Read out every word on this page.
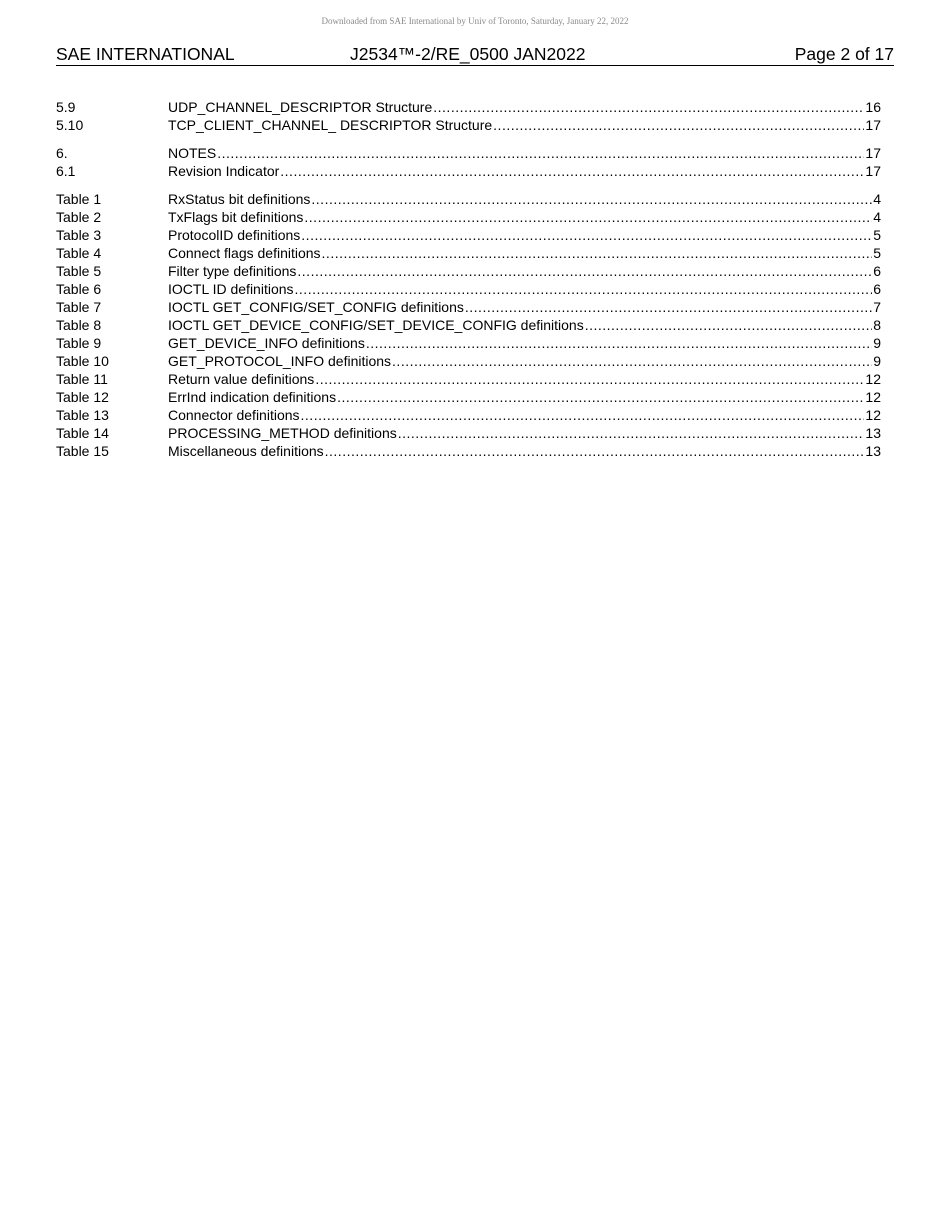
Downloaded from SAE International by Univ of Toronto, Saturday, January 22, 2022
SAE INTERNATIONAL	J2534™-2/RE_0500 JAN2022	Page 2 of 17
5.9	UDP_CHANNEL_DESCRIPTOR Structure .....	16
5.10	TCP_CLIENT_CHANNEL_ DESCRIPTOR Structure .....	17
6.	NOTES .....	17
6.1	Revision Indicator .....	17
Table 1	RxStatus bit definitions .....	4
Table 2	TxFlags bit definitions .....	4
Table 3	ProtocolID definitions .....	5
Table 4	Connect flags definitions .....	5
Table 5	Filter type definitions .....	6
Table 6	IOCTL ID definitions .....	6
Table 7	IOCTL GET_CONFIG/SET_CONFIG definitions .....	7
Table 8	IOCTL GET_DEVICE_CONFIG/SET_DEVICE_CONFIG definitions .....	8
Table 9	GET_DEVICE_INFO definitions .....	9
Table 10	GET_PROTOCOL_INFO definitions .....	9
Table 11	Return value definitions .....	12
Table 12	ErrInd indication definitions .....	12
Table 13	Connector definitions .....	12
Table 14	PROCESSING_METHOD definitions .....	13
Table 15	Miscellaneous definitions .....	13
